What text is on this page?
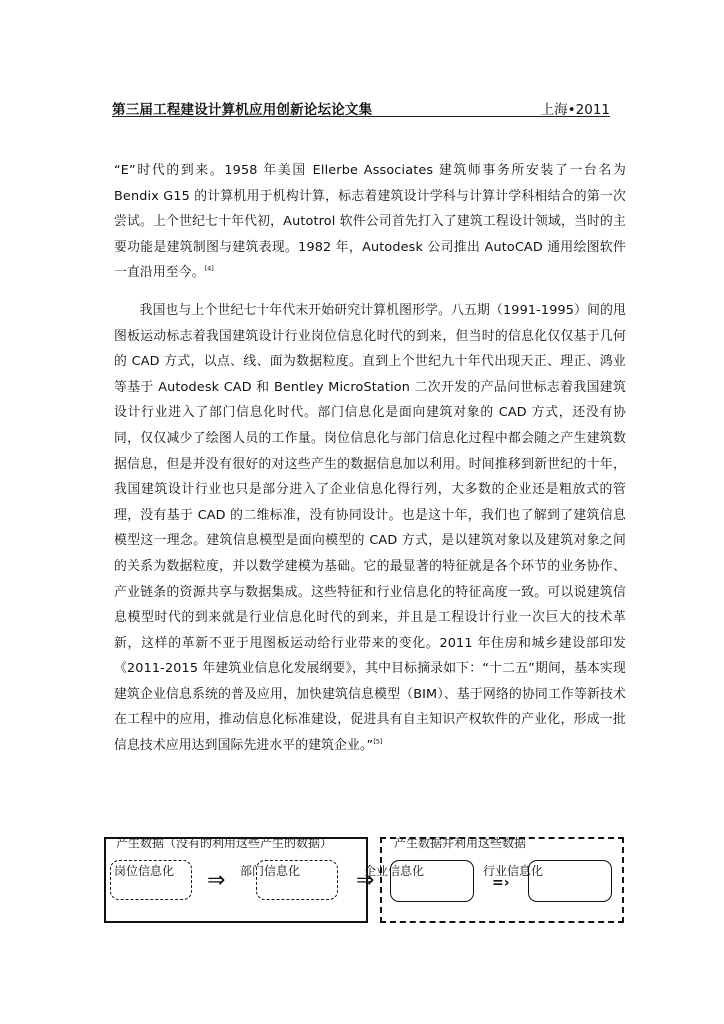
第三届工程建设计算机应用创新论坛论文集	上海•2011

“E”时代的到来。1958 年美国 Ellerbe Associates 建筑师事务所安装了一台名为 Bendix G15 的计算机用于机构计算，标志着建筑设计学科与计算计学科相结合的第一次尝试。上个世纪七十年代初，Autotrol 软件公司首先打入了建筑工程设计领域，当时的主要功能是建筑制图与建筑表现。1982 年，Autodesk 公司推出 AutoCAD 通用绘图软件一直沿用至今。[4]

我国也与上个世纪七十年代末开始研究计算机图形学。八五期（1991-1995）间的甩图板运动标志着我国建筑设计行业岗位信息化时代的到来，但当时的信息化仅仅基于几何的 CAD 方式，以点、线、面为数据粒度。直到上个世纪九十年代出现天正、理正、鸿业等基于 Autodesk CAD 和 Bentley MicroStation 二次开发的产品问世标志着我国建筑设计行业进入了部门信息化时代。部门信息化是面向建筑对象的 CAD 方式，还没有协同，仅仅减少了绘图人员的工作量。岗位信息化与部门信息化过程中都会随之产生建筑数据信息，但是并没有很好的对这些产生的数据信息加以利用。时间推移到新世纪的十年，我国建筑设计行业也只是部分进入了企业信息化得行列，大多数的企业还是粗放式的管理，没有基于 CAD 的二维标准，没有协同设计。也是这十年，我们也了解到了建筑信息模型这一理念。建筑信息模型是面向模型的 CAD 方式，是以建筑对象以及建筑对象之间的关系为数据粒度，并以数学建模为基础。它的最显著的特征就是各个环节的业务协作、产业链条的资源共享与数据集成。这些特征和行业信息化的特征高度一致。可以说建筑信息模型时代的到来就是行业信息化时代的到来，并且是工程设计行业一次巨大的技术革新，这样的革新不亚于甩图板运动给行业带来的变化。2011 年住房和城乡建设部印发《2011-2015 年建筑业信息化发展纲要》，其中目标摘录如下：“十二五”期间，基本实现建筑企业信息系统的普及应用，加快建筑信息模型（BIM）、基于网络的协同工作等新技术在工程中的应用，推动信息化标准建设，促进具有自主知识产权软件的产业化，形成一批信息技术应用达到国际先进水平的建筑企业。”[5]

产生数据（没有的利用这些产生的数据）	产生数据并利用这些数据
岗位信息化 ⇒ 部门信息化	⇒
企业信息化
=›
行业信息化
